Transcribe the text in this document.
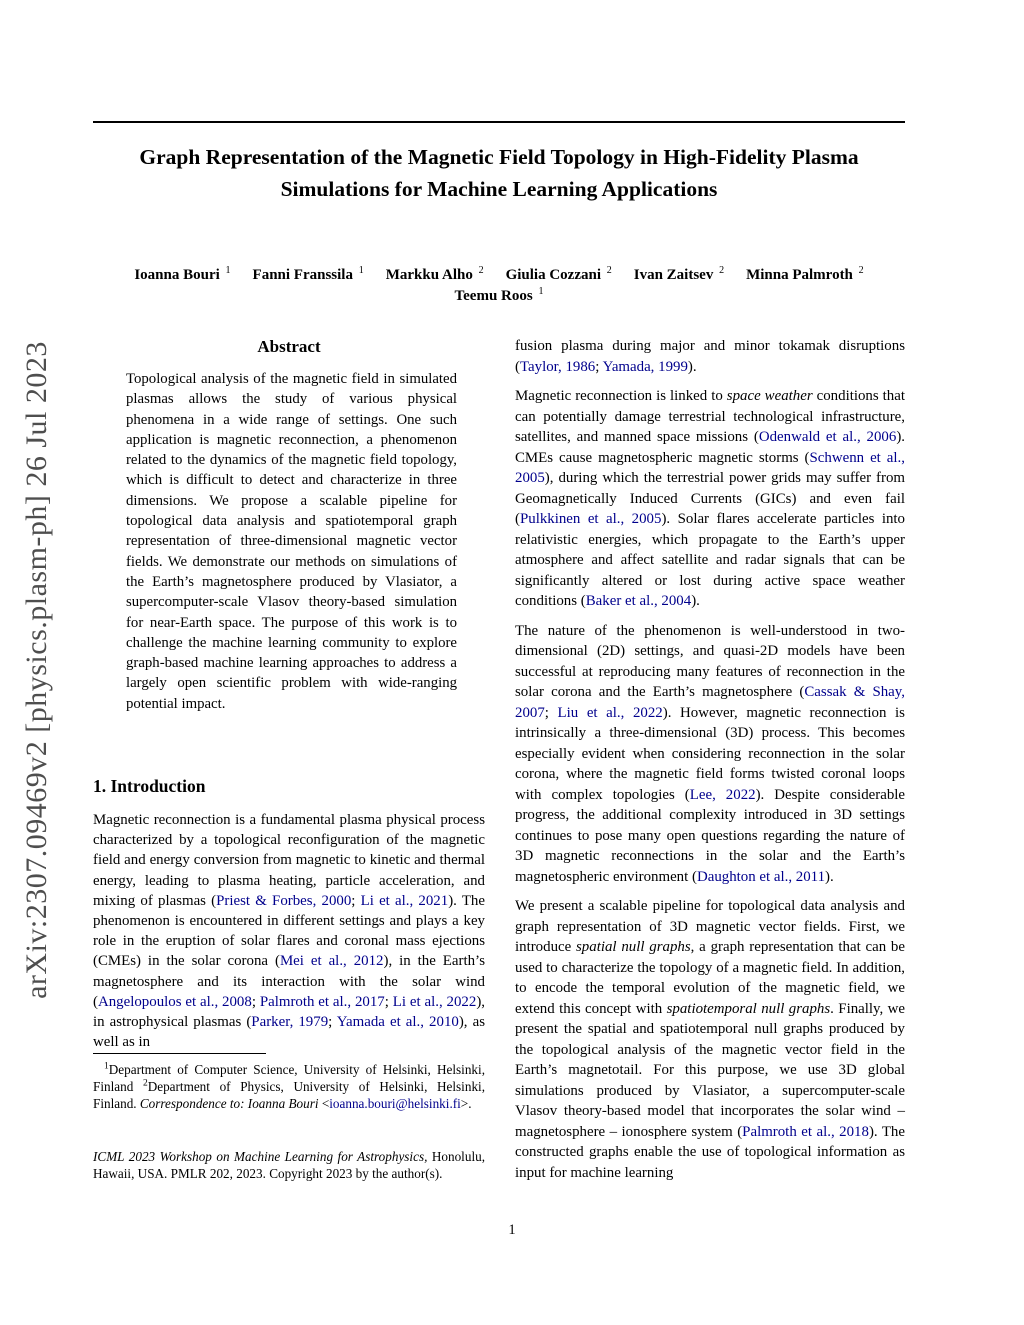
arXiv:2307.09469v2 [physics.plasm-ph] 26 Jul 2023
Graph Representation of the Magnetic Field Topology in High-Fidelity Plasma Simulations for Machine Learning Applications
Ioanna Bouri $^1$ Fanni Franssila $^1$ Markku Alho $^2$ Giulia Cozzani $^2$ Ivan Zaitsev $^2$ Minna Palmroth $^2$
Teemu Roos $^1$
Abstract

Topological analysis of the magnetic field in simulated plasmas allows the study of various physical phenomena in a wide range of settings. One such application is magnetic reconnection, a phenomenon related to the dynamics of the magnetic field topology, which is difficult to detect and characterize in three dimensions. We propose a scalable pipeline for topological data analysis and spatiotemporal graph representation of three-dimensional magnetic vector fields. We demonstrate our methods on simulations of the Earth’s magnetosphere produced by Vlasiator, a supercomputer-scale Vlasov theory-based simulation for near-Earth space. The purpose of this work is to challenge the machine learning community to explore graph-based machine learning approaches to address a largely open scientific problem with wide-ranging potential impact.

1. Introduction

Magnetic reconnection is a fundamental plasma physical process characterized by a topological reconfiguration of the magnetic field and energy conversion from magnetic to kinetic and thermal energy, leading to plasma heating, particle acceleration, and mixing of plasmas (Priest & Forbes, 2000; Li et al., 2021). The phenomenon is encountered in different settings and plays a key role in the eruption of solar flares and coronal mass ejections (CMEs) in the solar corona (Mei et al., 2012), in the Earth’s magnetosphere and its interaction with the solar wind (Angelopoulos et al., 2008; Palmroth et al., 2017; Li et al., 2022), in astrophysical plasmas (Parker, 1979; Yamada et al., 2010), as well as in

$^1$Department of Computer Science, University of Helsinki, Helsinki, Finland $^2$Department of Physics, University of Helsinki, Helsinki, Finland. Correspondence to: Ioanna Bouri <ioanna.bouri@helsinki.fi>.

ICML 2023 Workshop on Machine Learning for Astrophysics, Honolulu, Hawaii, USA. PMLR 202, 2023. Copyright 2023 by the author(s).

fusion plasma during major and minor tokamak disruptions (Taylor, 1986; Yamada, 1999).

Magnetic reconnection is linked to space weather conditions that can potentially damage terrestrial technological infrastructure, satellites, and manned space missions (Odenwald et al., 2006). CMEs cause magnetospheric magnetic storms (Schwenn et al., 2005), during which the terrestrial power grids may suffer from Geomagnetically Induced Currents (GICs) and even fail (Pulkkinen et al., 2005). Solar flares accelerate particles into relativistic energies, which propagate to the Earth’s upper atmosphere and affect satellite and radar signals that can be significantly altered or lost during active space weather conditions (Baker et al., 2004).

The nature of the phenomenon is well-understood in two-dimensional (2D) settings, and quasi-2D models have been successful at reproducing many features of reconnection in the solar corona and the Earth’s magnetosphere (Cassak & Shay, 2007; Liu et al., 2022). However, magnetic reconnection is intrinsically a three-dimensional (3D) process. This becomes especially evident when considering reconnection in the solar corona, where the magnetic field forms twisted coronal loops with complex topologies (Lee, 2022). Despite considerable progress, the additional complexity introduced in 3D settings continues to pose many open questions regarding the nature of 3D magnetic reconnections in the solar and the Earth’s magnetospheric environment (Daughton et al., 2011).

We present a scalable pipeline for topological data analysis and graph representation of 3D magnetic vector fields. First, we introduce spatial null graphs, a graph representation that can be used to characterize the topology of a magnetic field. In addition, to encode the temporal evolution of the magnetic field, we extend this concept with spatiotemporal null graphs. Finally, we present the spatial and spatiotemporal null graphs produced by the topological analysis of the magnetic vector field in the Earth’s magnetotail. For this purpose, we use 3D global simulations produced by Vlasiator, a supercomputer-scale Vlasov theory-based model that incorporates the solar wind – magnetosphere – ionosphere system (Palmroth et al., 2018). The constructed graphs enable the use of topological information as input for machine learning

1
